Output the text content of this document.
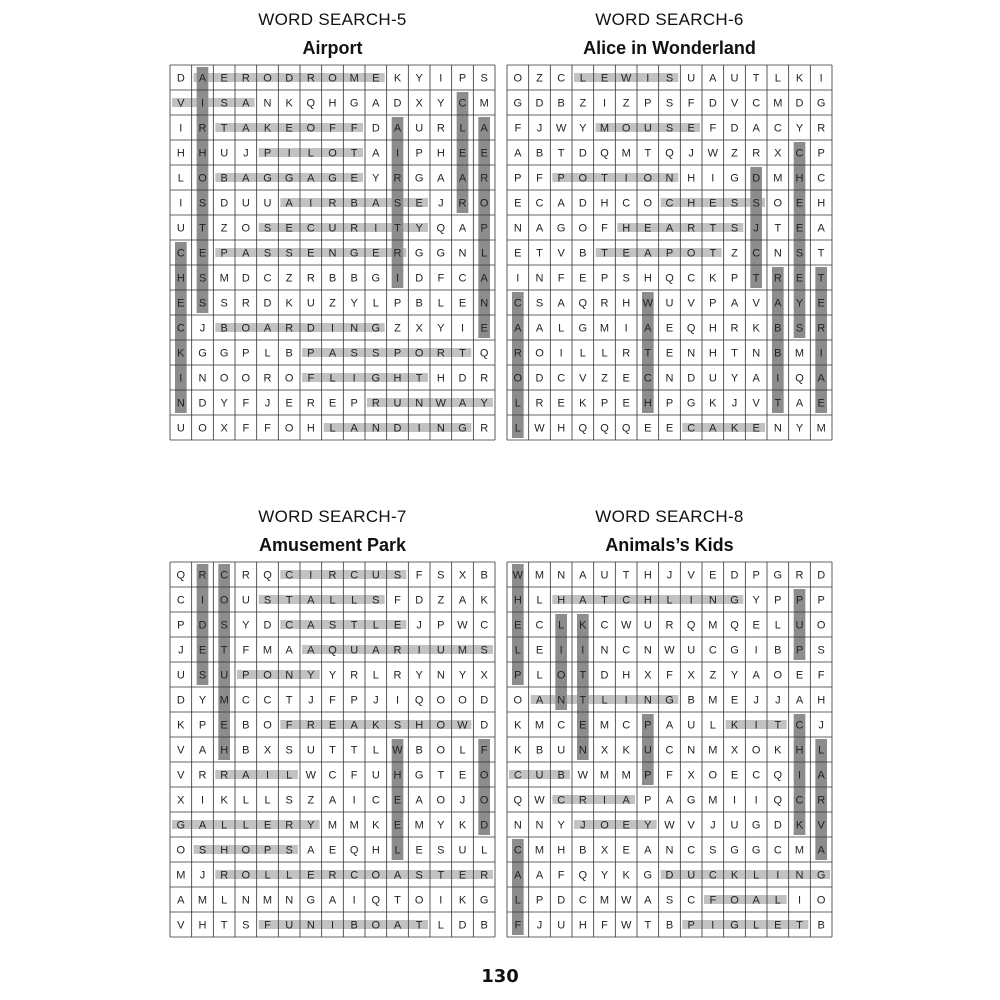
WORD SEARCH-5
Airport
D A E R O D R O M E K Y I P S
V I S A N K Q H G A D X Y C M
I R T A K E O F F D A U R L A
H H U J P I L O T A I P H E E
L O B A G G A G E Y R G A A R
I S D U U A I R B A S E J R O
U T Z O S E C U R I T Y Q A P
C E P A S S E N G E R G G N L
H S M D C Z R B B G I D F C A
E S S R D K U Z Y L P B L E N
C J B O A R D I N G Z X Y I E
K G G P L B P A S S P O R T Q
I N O O R O F L I G H T H D R
N D Y F J E R E P R U N W A Y
U O X F F O H L A N D I N G R
WORD SEARCH-6
Alice in Wonderland
O Z C L E W I S U A U T L K I
G D B Z I Z P S F D V C M D G
F J W Y M O U S E F D A C Y R
A B T D Q M T Q J W Z R X C P
P F P O T I O N H I G D M H C
E C A D H C O C H E S S O E H
N A G O F H E A R T S J T E A
E T V B T E A P O T Z C N S T
I N F E P S H Q C K P T R E T
C S A Q R H W U V P A V A Y E
A A L G M I A E Q H R K B S R
R O I L L R T E N H T N B M I
O D C V Z E C N D U Y A I Q A
L R E K P E H P G K J V T A E
L W H Q Q Q E E C A K E N Y M
WORD SEARCH-7
Amusement Park
Q R C R Q C I R C U S F S X B
C I O U S T A L L S F D Z A K
P D S Y D C A S T L E J P W C
J E T F M A A Q U A R I U M S
U S U P O N Y Y R L R Y N Y X
D Y M C C T J F P J I Q O O D
K P E B O F R E A K S H O W D
V A H B X S U T T L W B O L F
V R R A I L W C F U H G T E O
X I K L L S Z A I C E A O J O
G A L L E R Y M M K E M Y K D
O S H O P S A E Q H L E S U L
M J R O L L E R C O A S T E R
A M L N M N G A I Q T O I K G
V H T S F U N I B O A T L D B
WORD SEARCH-8
Animals’s Kids
W M N A U T H J V E D P G R D
H L H A T C H L I N G Y P P P
E C L K C W U R Q M Q E L U O
L E I I N C N W U C G I B P S
P L O T D H X F X Z Y A O E F
O A N T L I N G B M E J J A H
K M C E M C P A U L K I T C J
K B U N X K U C N M X O K H L
C U B W M M P F X O E C Q I A
Q W C R I A P A G M I I Q C R
N N Y J O E Y W V J U G D K V
C M H B X E A N C S G G C M A
A A F Q Y K G D U C K L I N G
L P D C M W A S C F O A L I O
F J U H F W T B P I G L E T B
130
